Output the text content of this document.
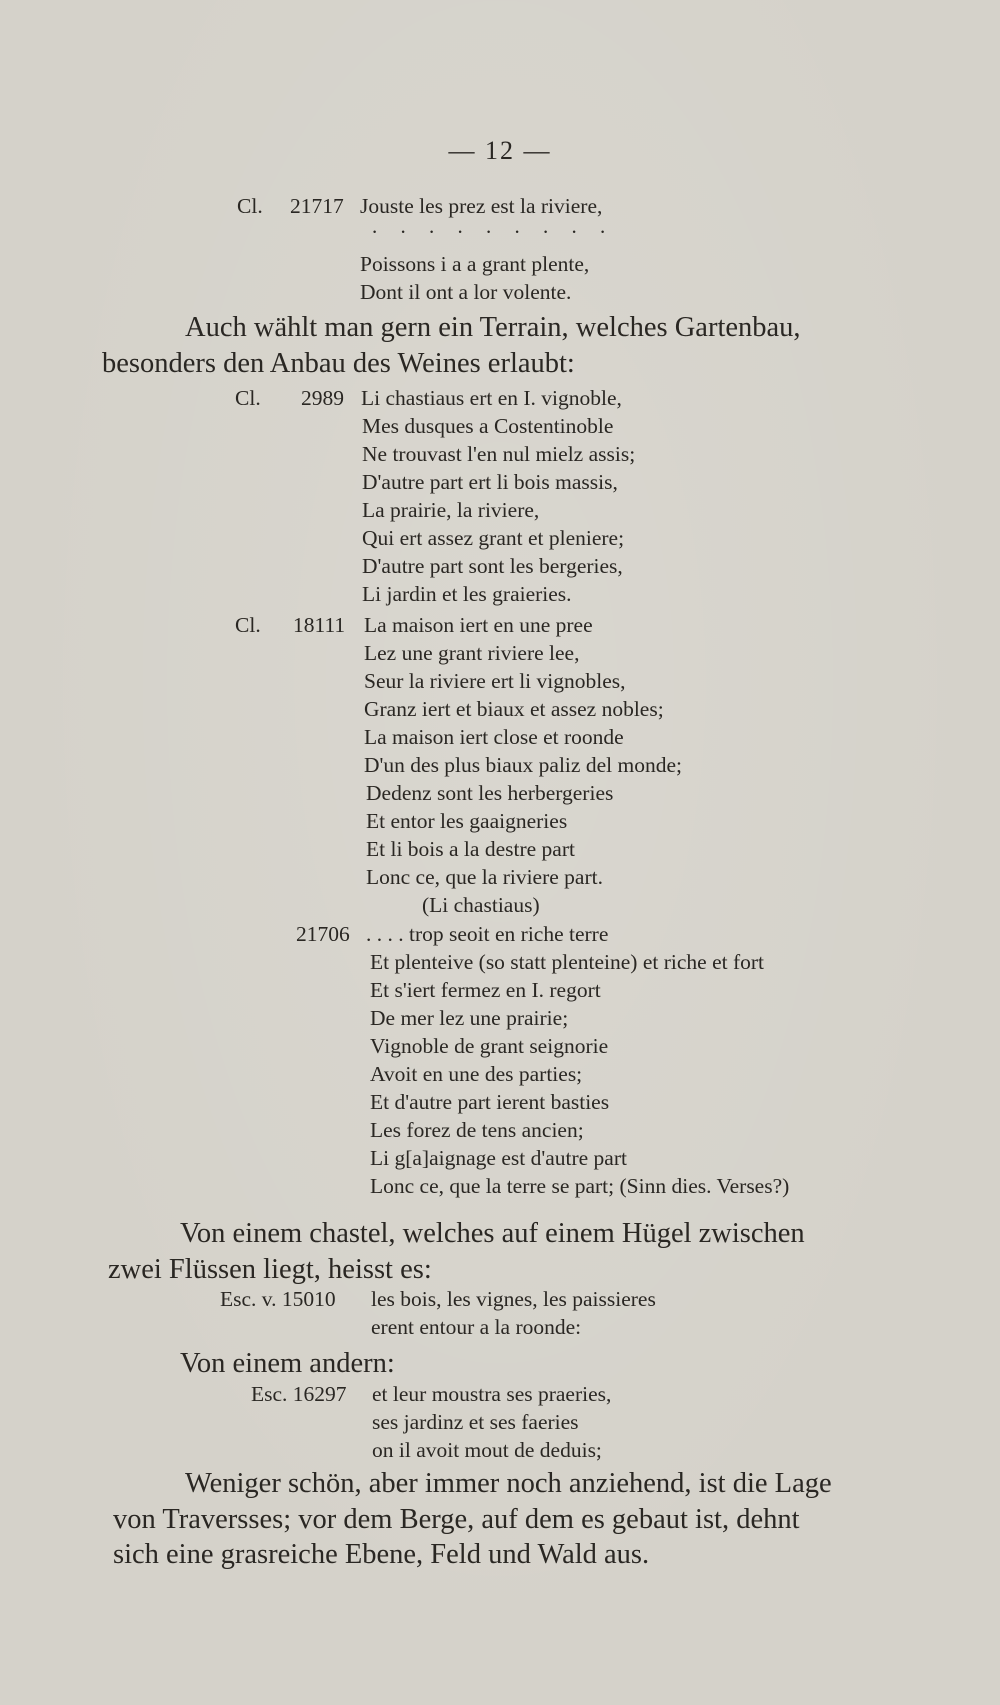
— 12 —
Cl. 21717 Jouste les prez est la riviere,
. . . . . . . . .
Poissons i a a grant plente,
Dont il ont a lor volente.
Auch wählt man gern ein Terrain, welches Gartenbau,
besonders den Anbau des Weines erlaubt:
Cl. 2989 Li chastiaus ert en I. vignoble,
Mes dusques a Costentinoble
Ne trouvast l'en nul mielz assis;
D'autre part ert li bois massis,
La prairie, la riviere,
Qui ert assez grant et pleniere;
D'autre part sont les bergeries,
Li jardin et les graieries.
Cl. 18111 La maison iert en une pree
Lez une grant riviere lee,
Seur la riviere ert li vignobles,
Granz iert et biaux et assez nobles;
La maison iert close et roonde
D'un des plus biaux paliz del monde;
Dedenz sont les herbergeries
Et entor les gaaigneries
Et li bois a la destre part
Lonc ce, que la riviere part.
(Li chastiaus)
21706 . . . . trop seoit en riche terre
Et plenteive (so statt plenteine) et riche et fort
Et s'iert fermez en I. regort
De mer lez une prairie;
Vignoble de grant seignorie
Avoit en une des parties;
Et d'autre part ierent basties
Les forez de tens ancien;
Li g[a]aignage est d'autre part
Lonc ce, que la terre se part; (Sinn dies. Verses?)
Von einem chastel, welches auf einem Hügel zwischen
zwei Flüssen liegt, heisst es:
Esc. v. 15010 les bois, les vignes, les paissieres
erent entour a la roonde:
Von einem andern:
Esc. 16297 et leur moustra ses praeries,
ses jardinz et ses faeries
on il avoit mout de deduis;
Weniger schön, aber immer noch anziehend, ist die Lage
von Traversses; vor dem Berge, auf dem es gebaut ist, dehnt
sich eine grasreiche Ebene, Feld und Wald aus.
